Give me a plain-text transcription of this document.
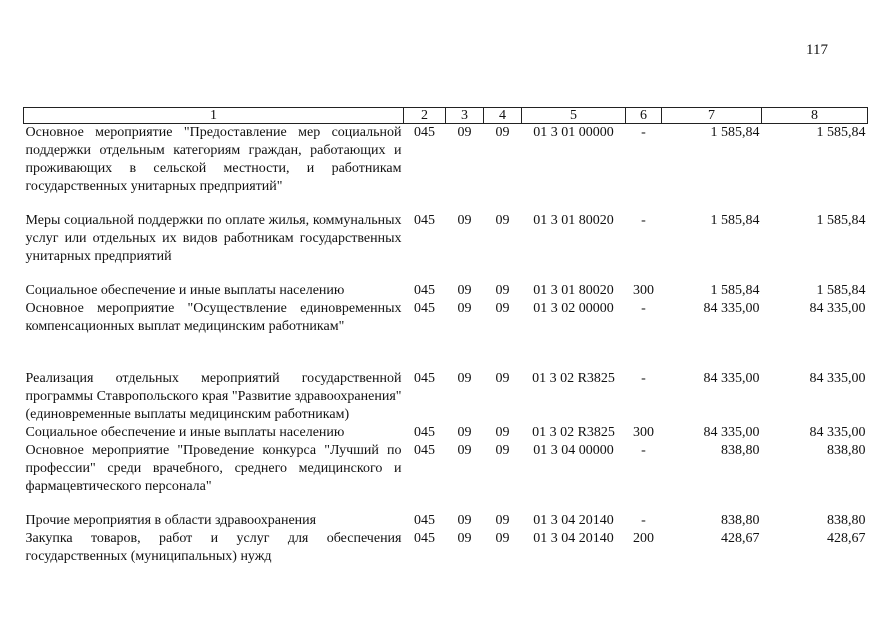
117
1	2	3	4	5	6	7	8
Основное мероприятие "Предоставление мер социальной поддержки отдельным категориям граждан, работающих и проживающих в сельской местности, и работникам государственных унитарных предприятий"	045	09	09	01 3 01 00000	-	1 585,84	1 585,84

Меры социальной поддержки по оплате жилья, коммунальных услуг или отдельных их видов работникам государственных унитарных предприятий	045	09	09	01 3 01 80020	-	1 585,84	1 585,84

Социальное обеспечение и иные выплаты населению	045	09	09	01 3 01 80020	300	1 585,84	1 585,84
Основное мероприятие "Осуществление единовременных компенсационных выплат медицинским работникам"	045	09	09	01 3 02 00000	-	84 335,00	84 335,00

Реализация отдельных мероприятий государственной программы Ставропольского края "Развитие здравоохранения" (единовременные выплаты медицинским работникам)	045	09	09	01 3 02 R3825	-	84 335,00	84 335,00
Социальное обеспечение и иные выплаты населению	045	09	09	01 3 02 R3825	300	84 335,00	84 335,00
Основное мероприятие "Проведение конкурса "Лучший по профессии" среди врачебного, среднего медицинского и фармацевтического персонала"	045	09	09	01 3 04 00000	-	838,80	838,80

Прочие мероприятия в области здравоохранения	045	09	09	01 3 04 20140	-	838,80	838,80
Закупка товаров, работ и услуг для обеспечения государственных (муниципальных) нужд	045	09	09	01 3 04 20140	200	428,67	428,67
